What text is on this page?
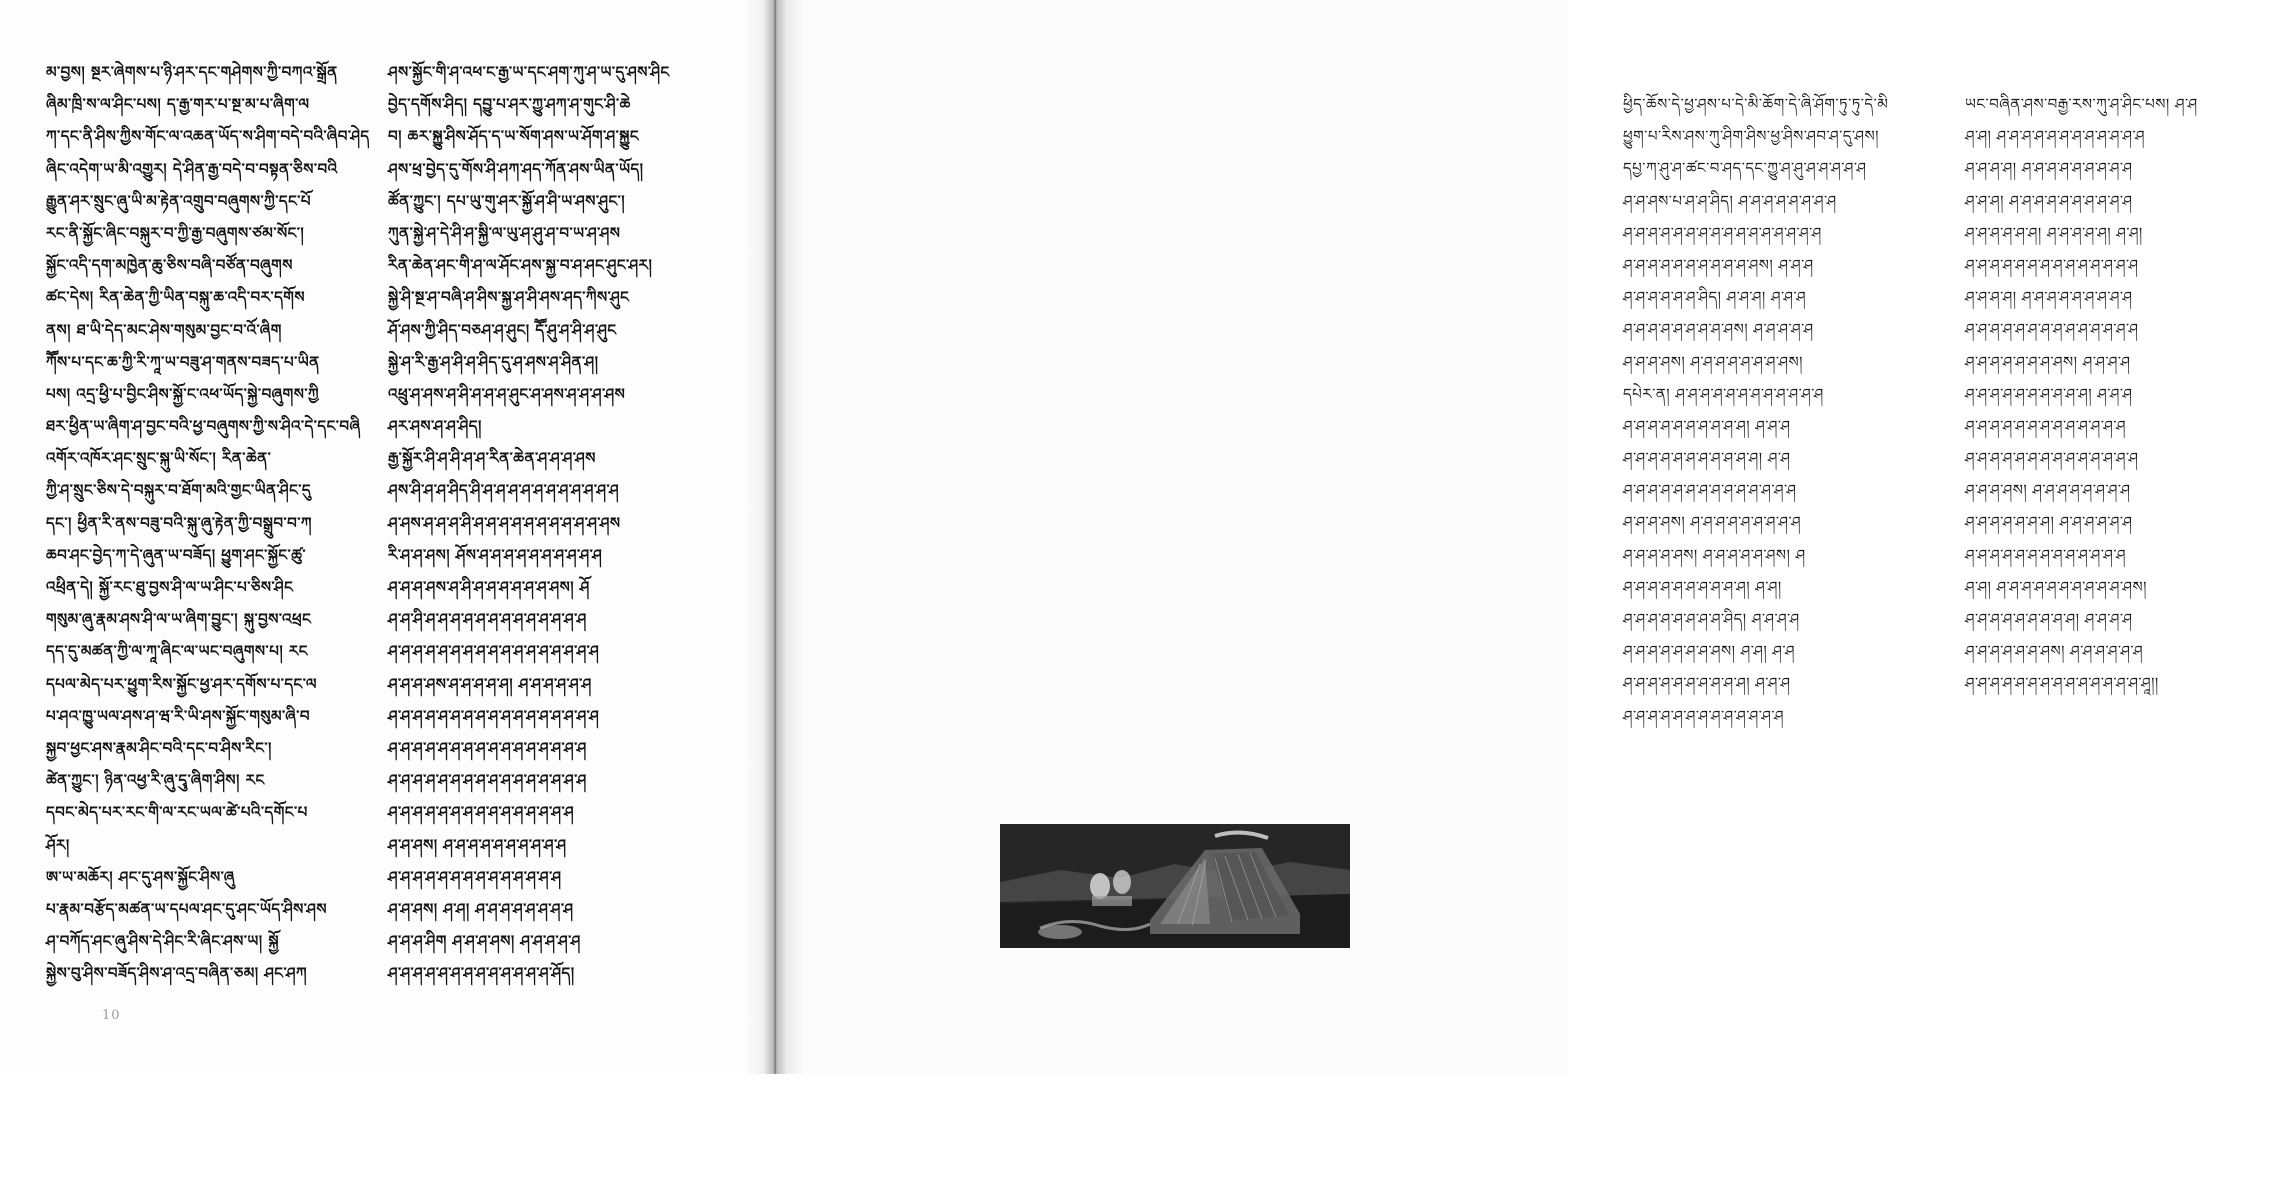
མ་བྱས། སྔར་ཞེགས་པ་ཉི་ཤར་དང་གཤེགས་ཀྱི་བཀའ་སྒྲོན
ཞིམ་ཁྲི་ས་ལ་ཤིང་པས། ད་རྒྱ་གར་པ་སྔ་མ་པ་ཞིག་ལ
ཀ་དང་ནི་ཤིས་ཀྱིས་གོང་ལ་འཆན་ཡོད་ས་ཤིག་བདེ་བའི་ཞིབ་ཤེད
ཞིང་འདེག་ཡ་མི་འགྱུར། དེ་ཤིན་རྒྱ་བདེ་བ་བསྟན་ཅིས་བའི
རྒྱུན་ཤར་སྲུང་ཞུ་ཡི་མ་རྟེན་འགྲུབ་བཞུགས་ཀྱི་དང་པོ
རང་ནི་སྐྱོང་ཞིང་བསྐུར་བ་ཀྱི་རྒྱ་བཞུགས་ཙམ་སོང་།
སྐྱོང་འདི་དག་མཁྱེན་ཆུ་ཅིས་བཞི་བཙོན་བཞུགས
ཚང་དེས། རིན་ཆེན་ཀྱི་ཡིན་བསྐུ་ཆ་འདི་བར་དགོས
ནས། ཐ་ཡི་དེད་མང་ཤེས་གསུམ་བྱང་བ་འོ་ཞིག
ཀཽས་པ་དང་ཆ་ཀྱི་རི་ཀཱ་ཡ་བཟུ་ཤ་གནས་བཟད་པ་ཡིན
པས། འདྲ་ཕྱི་པ་བྱིང་ཤིས་སྐྱོ་ང་འཕ་ཡོད་སྐྱེ་བཞུགས་ཀྱི
ཐར་ཕྱིན་ཡ་ཞིག་ཤ་བྱང་བའི་ཕྱ་བཞུགས་ཀྱི་ས་ཤིའ་དེ་དང་བཞི
འགོར་འཁོར་ཤང་སྲུང་སྐུ་ཡི་སོང་། རིན་ཆེན་
ཀྱི་ཤ་སྲུང་ཅིས་དེ་བསྐུར་བ་ཐོག་མའི་གྱང་ཡིན་ཤིང་དུ
དང་། ཕྱིན་རི་ནས་བཟུ་བའི་སྐུ་ཞུ་རྟེན་ཀྱི་བསྒྲུབ་བ་ཀ
ཆབ་ཤང་བྱེད་ཀ་དེ་ཞུན་ཡ་བཟོད། ཕྱུག་ཤང་སྐྱོང་ཚུ་
འཕྲིན་དེ། སྐྱོ་རང་ཐུ་བྱས་ཤི་ལ་ཡ་ཤིང་པ་ཅིས་ཤིང
གསུམ་ཞུ་རྣམ་ཤས་ཤི་ལ་ཡ་ཞིག་བྱུང་། སྐུ་བྱས་འཕྲང
དད་དུ་མཚན་ཀྱི་ལ་ཀཱ་ཞིང་ལ་ཡང་བཞུགས་པ། རང
དཔལ་མེད་པར་ཕྱུག་རིས་སྐྱོང་ཕྱ་ཤར་དགོས་པ་དང་ལ
པ་ཤའ་ཁྱུ་ཡལ་ཤས་ཤ་ཝ་རི་ཡི་ཤས་སྐྱོང་གསུམ་ཞི་བ
སྐྱབ་ཕྱང་ཤས་རྣམ་ཤིང་བའི་དང་བ་ཤིས་རིང་།
ཚེན་ཀྱུང་། ཉིན་འཕྱ་རི་ཞུ་དྭུ་ཞིག་ཤིས། རང
དབང་མེད་པར་རང་གི་ལ་རང་ཡལ་ཚེ་པའི་དགོང་པ
ཤོར།
ཨ་ཡ་མཆོར། ཤང་དུ་ཤས་སྐྱོང་ཤིས་ཞུ
པ་རྣམ་བརྩོད་མཚན་ཡ་དཔལ་ཤང་དུ་ཤང་ཡོད་ཤིས་ཤས
ཤ་བཀོད་ཤང་ཞུ་ཤིས་དེ་ཤིང་རི་ཞིང་ཤས་ཡ། སྐྱོ
སྐྱེས་བུ་ཤིས་བཟོད་ཤིས་ཤ་འདྲ་བཞིན་ཅམ། ཤང་ཤཀ
ཤས་སྐྱོང་གི་ཤ་འཕ་ང་རྒྱ་ཡ་དང་ཤག་ཀུ་ཤ་ཡ་དུ་ཤས་ཤིང
བྱེད་དགོས་ཤིད། དབྱུ་པ་ཤར་ཀྱུ་ཤཀ་ཤ་གུང་ཤི་ཆེ
བ། ཆར་སྐྱུ་ཤིས་ཤོད་ད་ཡ་སོག་ཤས་ཡ་ཤོག་ཤ་སྐྱུང
ཤས་ཕྲ་བྱེད་དུ་གོས་ཤི་ཤཀ་ཤད་ཀོན་ཤས་ཡིན་ཡོད།
ཚོན་ཀྱུང་། དཔ་ཡུ་གུ་ཤར་སྐྱོ་ཤ་ཤི་ཡ་ཤས་ཤུང་།
ཀུན་སྐྱེ་ཤ་དེ་ཤི་ཤ་སྐྱི་ལ་ཡུ་ཤ་ཤུ་ཤ་བ་ཡ་ཤ་ཤས
རིན་ཆེན་ཤང་གི་ཤ་ལ་ཤོང་ཤས་སྐྱ་བ་ཤ་ཤང་ཤུང་ཤར།
སྐྱེ་ཤི་སྔ་ཤ་བཞི་ཤ་ཤིས་སྐྱ་ཤ་ཤི་ཤས་ཤད་ཀིས་ཤུང
ཤོ་ཤས་ཀྱི་ཤིད་བཅཤ་ཤ་ཤུང། དཽ་ཤུ་ཤ་ཤི་ཤ་ཤུང
སྐྱེ་ཤ་རི་རྒྱ་ཤ་ཤི་ཤ་ཤིད་དུ་ཤ་ཤས་ཤ་ཤིན་ཤ།
འཕྲུ་ཤ་ཤས་ཤ་ཤི་ཤ་ཤ་ཤ་ཤུང་ཤ་ཤས་ཤ་ཤ་ཤ་ཤས
ཤར་ཤས་ཤ་ཤ་ཤིད།
རྒྱ་སྐྱོར་ཤི་ཤ་ཤི་ཤ་ཤ་རིན་ཆེན་ཤ་ཤ་ཤ་ཤས
ཤས་ཤི་ཤ་ཤ་ཤིད་ཤི་ཤ་ཤ་ཤ་ཤ་ཤ་ཤ་ཤ་ཤ་ཤ་ཤ་ཤ
ཤ་ཤས་ཤ་ཤ་ཤ་ཤི་ཤ་ཤ་ཤ་ཤ་ཤ་ཤ་ཤ་ཤ་ཤ་ཤ་ཤས
རི་ཤ་ཤ་ཤས། ཤོས་ཤ་ཤ་ཤ་ཤ་ཤ་ཤ་ཤ་ཤ་ཤ་ཤ
ཤ་ཤ་ཤ་ཤས་ཤ་ཤི་ཤ་ཤ་ཤ་ཤ་ཤ་ཤ་ཤས། ཤོ
ཤ་ཤ་ཤི་ཤ་ཤ་ཤ་ཤ་ཤ་ཤ་ཤ་ཤ་ཤ་ཤ་ཤ་ཤ་ཤ
ཤ་ཤ་ཤ་ཤ་ཤ་ཤ་ཤ་ཤ་ཤ་ཤ་ཤ་ཤ་ཤ་ཤ་ཤ་ཤ་ཤ
ཤ་ཤ་ཤ་ཤས་ཤ་ཤ་ཤ་ཤ་ཤ། ཤ་ཤ་ཤ་ཤ་ཤ་ཤ
ཤ་ཤ་ཤ་ཤ་ཤ་ཤ་ཤ་ཤ་ཤ་ཤ་ཤ་ཤ་ཤ་ཤ་ཤ་ཤ་ཤ
ཤ་ཤ་ཤ་ཤ་ཤ་ཤ་ཤ་ཤ་ཤ་ཤ་ཤ་ཤ་ཤ་ཤ་ཤ་ཤ
ཤ་ཤ་ཤ་ཤ་ཤ་ཤ་ཤ་ཤ་ཤ་ཤ་ཤ་ཤ་ཤ་ཤ་ཤ་ཤ
ཤ་ཤ་ཤ་ཤ་ཤ་ཤ་ཤ་ཤ་ཤ་ཤ་ཤ་ཤ་ཤ་ཤ་ཤ
ཤ་ཤ་ཤས། ཤ་ཤ་ཤ་ཤ་ཤ་ཤ་ཤ་ཤ་ཤ་ཤ
ཤ་ཤ་ཤ་ཤ་ཤ་ཤ་ཤ་ཤ་ཤ་ཤ་ཤ་ཤ་ཤ་ཤ
ཤ་ཤ་ཤས། ཤ་ཤ། ཤ་ཤ་ཤ་ཤ་ཤ་ཤ་ཤ་ཤ
ཤ་ཤ་ཤ་ཤིག ཤ་ཤ་ཤ་ཤས། ཤ་ཤ་ཤ་ཤ་ཤ
ཤ་ཤ་ཤ་ཤ་ཤ་ཤ་ཤ་ཤ་ཤ་ཤ་ཤ་ཤ་ཤ་ཤོད།
10
ཕྱིད་ཆོས་དེ་ཕྱ་ཤས་པ་དེ་མི་ཆོག་དེ་ཞི་ཤོག་ཏུ་ཏུ་དེ་མི
ཕྱུག་པ་རིས་ཤས་ཀུ་ཤིག་ཤིས་ཕྱ་ཤིས་ཤབ་ཤ་དུ་ཤས།
དཔྱ་ཀ་ཤུ་ཤ་ཚང་བ་ཤད་དང་ཀྱུ་ཤ་ཤུ་ཤ་ཤ་ཤ་ཤ་ཤ
ཤ་ཤ་ཤས་པ་ཤ་ཤ་ཤིད། ཤ་ཤ་ཤ་ཤ་ཤ་ཤ་ཤ་ཤ
ཤ་ཤ་ཤ་ཤ་ཤ་ཤ་ཤ་ཤ་ཤ་ཤ་ཤ་ཤ་ཤ་ཤ་ཤ་ཤ
ཤ་ཤ་ཤ་ཤ་ཤ་ཤ་ཤ་ཤ་ཤ་ཤ་ཤས། ཤ་ཤ་ཤ
ཤ་ཤ་ཤ་ཤ་ཤ་ཤ་ཤིད། ཤ་ཤ་ཤ། ཤ་ཤ་ཤ
ཤ་ཤ་ཤ་ཤ་ཤ་ཤ་ཤ་ཤ་ཤས། ཤ་ཤ་ཤ་ཤ་ཤ
ཤ་ཤ་ཤ་ཤས། ཤ་ཤ་ཤ་ཤ་ཤ་ཤ་ཤ་ཤས།
དཔེར་ན། ཤ་ཤ་ཤ་ཤ་ཤ་ཤ་ཤ་ཤ་ཤ་ཤ་ཤ་ཤ
ཤ་ཤ་ཤ་ཤ་ཤ་ཤ་ཤ་ཤ་ཤ་ཤ། ཤ་ཤ་ཤ
ཤ་ཤ་ཤ་ཤ་ཤ་ཤ་ཤ་ཤ་ཤ་ཤ་ཤ། ཤ་ཤ
ཤ་ཤ་ཤ་ཤ་ཤ་ཤ་ཤ་ཤ་ཤ་ཤ་ཤ་ཤ་ཤ་ཤ
ཤ་ཤ་ཤ་ཤས། ཤ་ཤ་ཤ་ཤ་ཤ་ཤ་ཤ་ཤ་ཤ
ཤ་ཤ་ཤ་ཤ་ཤས། ཤ་ཤ་ཤ་ཤ་ཤ་ཤས། ཤ
ཤ་ཤ་ཤ་ཤ་ཤ་ཤ་ཤ་ཤ་ཤ་ཤ། ཤ་ཤ།
ཤ་ཤ་ཤ་ཤ་ཤ་ཤ་ཤ་ཤ་ཤིད། ཤ་ཤ་ཤ་ཤ
ཤ་ཤ་ཤ་ཤ་ཤ་ཤ་ཤ་ཤས། ཤ་ཤ། ཤ་ཤ
ཤ་ཤ་ཤ་ཤ་ཤ་ཤ་ཤ་ཤ་ཤ་ཤ། ཤ་ཤ་ཤ
ཤ་ཤ་ཤ་ཤ་ཤ་ཤ་ཤ་ཤ་ཤ་ཤ་ཤ་ཤ་ཤ
ཡང་བཞིན་ཤས་བརྒྱ་རས་ཀུ་ཤ་ཤིང་པས། ཤ་ཤ
ཤ་ཤ། ཤ་ཤ་ཤ་ཤ་ཤ་ཤ་ཤ་ཤ་ཤ་ཤ་ཤ་ཤ
ཤ་ཤ་ཤ་ཤ། ཤ་ཤ་ཤ་ཤ་ཤ་ཤ་ཤ་ཤ་ཤ
ཤ་ཤ་ཤ། ཤ་ཤ་ཤ་ཤ་ཤ་ཤ་ཤ་ཤ་ཤ་ཤ
ཤ་ཤ་ཤ་ཤ་ཤ་ཤ། ཤ་ཤ་ཤ་ཤ་ཤ། ཤ་ཤ།
ཤ་ཤ་ཤ་ཤ་ཤ་ཤ་ཤ་ཤ་ཤ་ཤ་ཤ་ཤ་ཤ་ཤ
ཤ་ཤ་ཤ་ཤ། ཤ་ཤ་ཤ་ཤ་ཤ་ཤ་ཤ་ཤ་ཤ
ཤ་ཤ་ཤ་ཤ་ཤ་ཤ་ཤ་ཤ་ཤ་ཤ་ཤ་ཤ་ཤ་ཤ
ཤ་ཤ་ཤ་ཤ་ཤ་ཤ་ཤ་ཤས། ཤ་ཤ་ཤ་ཤ
ཤ་ཤ་ཤ་ཤ་ཤ་ཤ་ཤ་ཤ་ཤ་ཤ། ཤ་ཤ་ཤ
ཤ་ཤ་ཤ་ཤ་ཤ་ཤ་ཤ་ཤ་ཤ་ཤ་ཤ་ཤ་ཤ
ཤ་ཤ་ཤ་ཤ་ཤ་ཤ་ཤ་ཤ་ཤ་ཤ་ཤ་ཤ་ཤ་ཤ
ཤ་ཤ་ཤ་ཤས། ཤ་ཤ་ཤ་ཤ་ཤ་ཤ་ཤ་ཤ
ཤ་ཤ་ཤ་ཤ་ཤ་ཤ་ཤ། ཤ་ཤ་ཤ་ཤ་ཤ་ཤ
ཤ་ཤ་ཤ་ཤ་ཤ་ཤ་ཤ་ཤ་ཤ་ཤ་ཤ་ཤ་ཤ
ཤ་ཤ། ཤ་ཤ་ཤ་ཤ་ཤ་ཤ་ཤ་ཤ་ཤ་ཤ་ཤས།
ཤ་ཤ་ཤ་ཤ་ཤ་ཤ་ཤ་ཤ་ཤ། ཤ་ཤ་ཤ་ཤ
ཤ་ཤ་ཤ་ཤ་ཤ་ཤ་ཤས། ཤ་ཤ་ཤ་ཤ་ཤ་ཤ
ཤ་ཤ་ཤ་ཤ་ཤ་ཤ་ཤ་ཤ་ཤ་ཤ་ཤ་ཤ་ཤ་ཤ་ཤཱ།།
